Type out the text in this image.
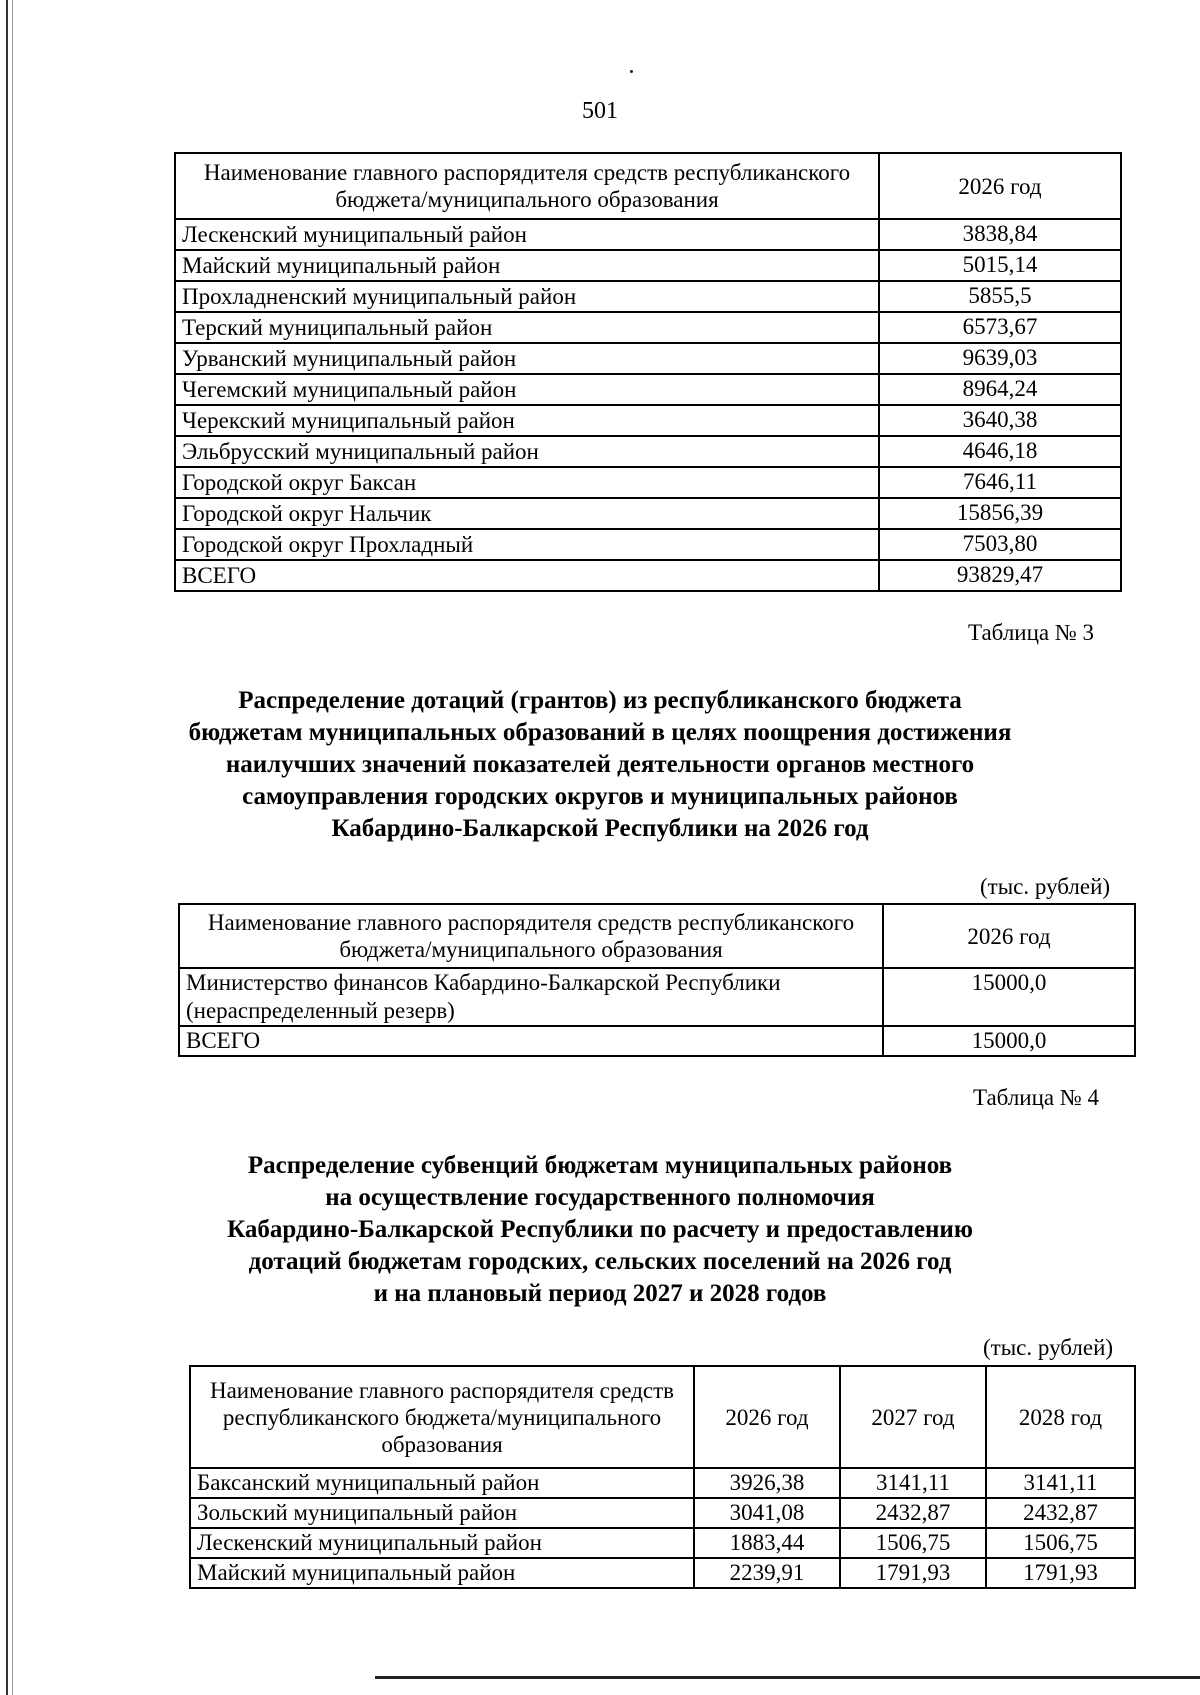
501
Наименование главного распорядителя средств республиканского бюджета/муниципального образования	2026 год
Лескенский муниципальный район	3838,84
Майский муниципальный район	5015,14
Прохладненский муниципальный район	5855,5
Терский муниципальный район	6573,67
Урванский муниципальный район	9639,03
Чегемский муниципальный район	8964,24
Черекский муниципальный район	3640,38
Эльбрусский муниципальный район	4646,18
Городской округ Баксан	7646,11
Городской округ Нальчик	15856,39
Городской округ Прохладный	7503,80
ВСЕГО	93829,47
Таблица № 3
Распределение дотаций (грантов) из республиканского бюджета
бюджетам муниципальных образований в целях поощрения достижения
наилучших значений показателей деятельности органов местного
самоуправления городских округов и муниципальных районов
Кабардино-Балкарской Республики на 2026 год
(тыс. рублей)
Наименование главного распорядителя средств республиканского бюджета/муниципального образования	2026 год
Министерство финансов Кабардино-Балкарской Республики (нераспределенный резерв)	15000,0
ВСЕГО	15000,0
Таблица № 4
Распределение субвенций бюджетам муниципальных районов
на осуществление государственного полномочия
Кабардино-Балкарской Республики по расчету и предоставлению
дотаций бюджетам городских, сельских поселений на 2026 год
и на плановый период 2027 и 2028 годов
(тыс. рублей)
Наименование главного распорядителя средств республиканского бюджета/муниципального образования	2026 год	2027 год	2028 год
Баксанский муниципальный район	3926,38	3141,11	3141,11
Зольский муниципальный район	3041,08	2432,87	2432,87
Лескенский муниципальный район	1883,44	1506,75	1506,75
Майский муниципальный район	2239,91	1791,93	1791,93
